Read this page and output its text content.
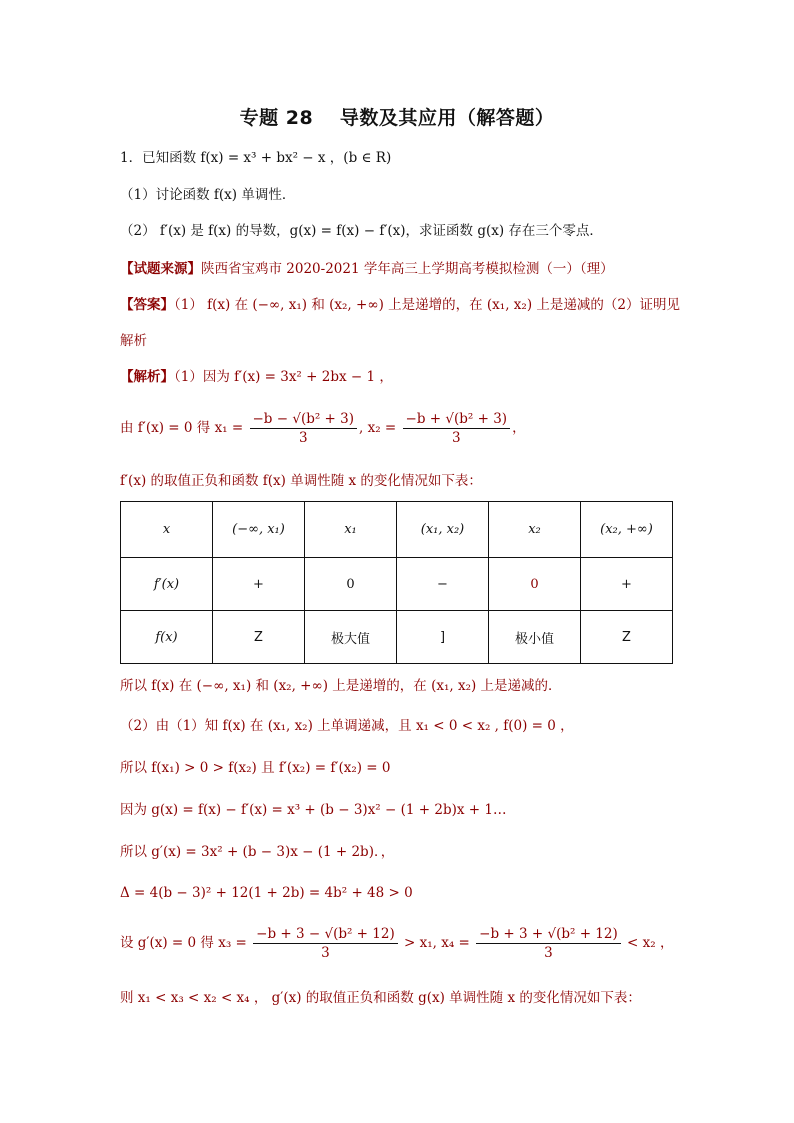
专题 28　 导数及其应用（解答题）
1．已知函数 f(x) = x³ + bx² − x ，(b ∈ R)
（1）讨论函数 f(x) 单调性．
（2） f′(x) 是 f(x) 的导数，g(x) = f(x) − f′(x)，求证函数 g(x) 存在三个零点．
【试题来源】陕西省宝鸡市 2020-2021 学年高三上学期高考模拟检测（一）（理）
【答案】（1） f(x) 在 (−∞, x₁) 和 (x₂, +∞) 上是递增的，在 (x₁, x₂) 上是递减的（2）证明见
解析
【解析】（1）因为 f′(x) = 3x² + 2bx − 1 ，
由 f′(x) = 0 得 $x_1 = \frac{\text{−b − √(b² + 3)}}{3}$ , $x_2 = \frac{\text{−b + √(b² + 3)}}{3}$ ，
f′(x) 的取值正负和函数 f(x) 单调性随 x 的变化情况如下表：
x	(−∞, x₁)	x₁	(x₁, x₂)	x₂	(x₂, +∞)
f′(x)	+	0	−	0	+
f(x)	Z	极大值	]	极小值	Z
所以 f(x) 在 (−∞, x₁) 和 (x₂, +∞) 上是递增的，在 (x₁, x₂) 上是递减的．
（2）由（1）知 f(x) 在 (x₁, x₂) 上单调递减，且 x₁ < 0 < x₂ , f(0) = 0 ，
所以 f(x₁) > 0 > f(x₂) 且 f′(x₂) = f′(x₂) = 0
因为 g(x) = f(x) − f′(x) = x³ + (b − 3)x² − (1 + 2b)x + 1…
所以 g′(x) = 3x² + (b − 3)x − (1 + 2b)．，
Δ = 4(b − 3)² + 12(1 + 2b) = 4b² + 48 > 0
设 g′(x) = 0 得 $x_3 = \frac{\text{−b + 3 − √(b² + 12)}}{3} > x_1$, $x_4 = \frac{\text{−b + 3 + √(b² + 12)}}{3} < x_2$ ，
则 x₁ < x₃ < x₂ < x₄ ， g′(x) 的取值正负和函数 g(x) 单调性随 x 的变化情况如下表：
